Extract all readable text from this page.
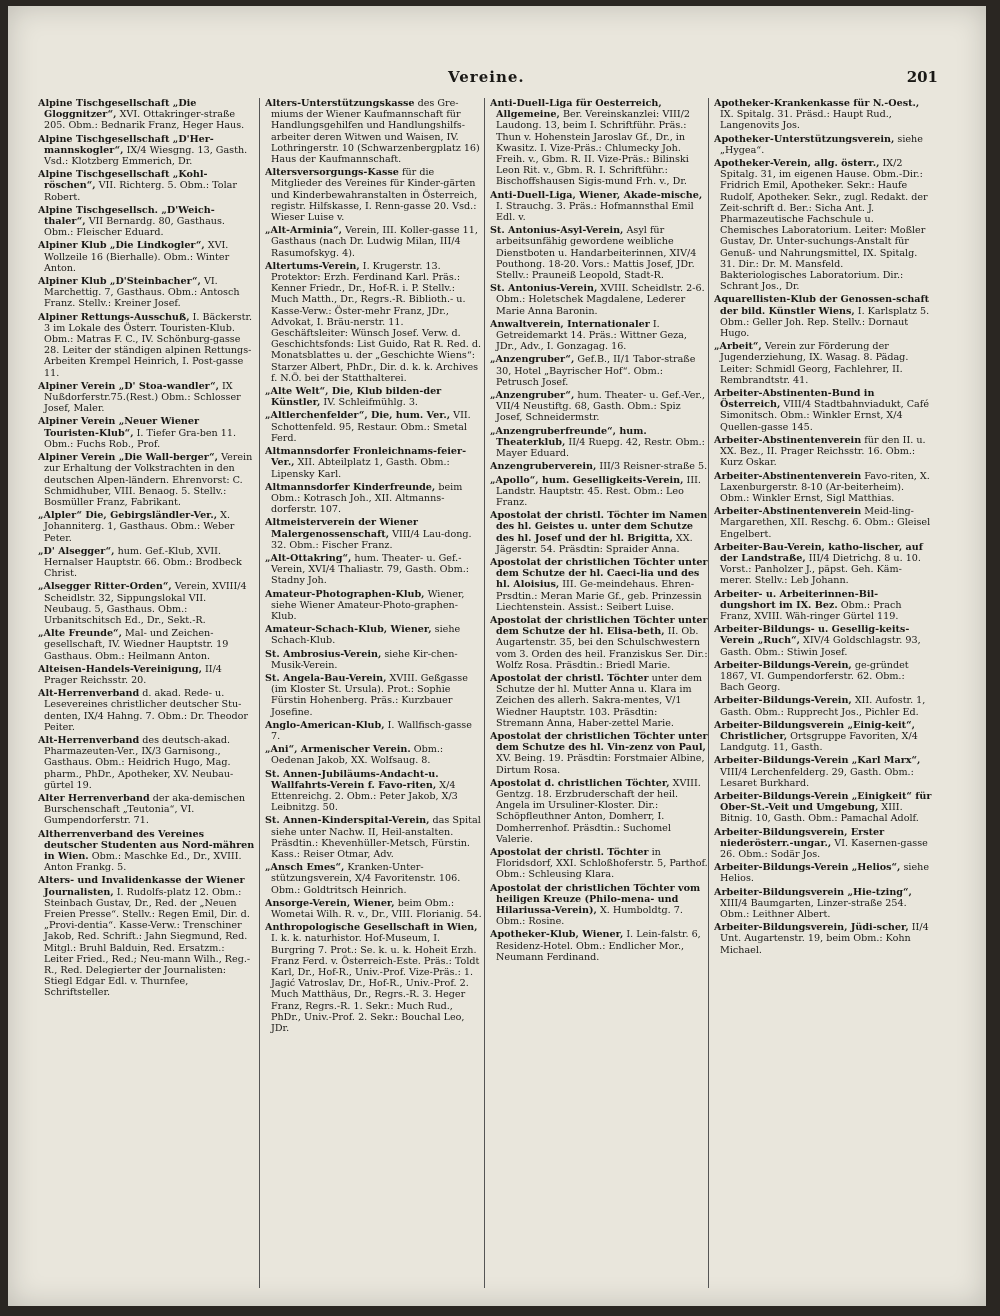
Vereine.	201
Alpine Tischgesellschaft „Die Gloggnitzer“, XVI. Ottakringer-straße 205. Obm.: Bednarik Franz, Heger Haus.
Alpine Tischgesellschaft „D'Her-mannskogler“, IX/4 Wiesgng. 13, Gasth. Vsd.: Klotzberg Emmerich, Dr.
Alpine Tischgesellschaft „Kohl-röschen“, VII. Richterg. 5. Obm.: Tolar Robert.
Alpine Tischgesellsch. „D'Weich-thaler“, VII Bernardg. 80, Gasthaus. Obm.: Fleischer Eduard.
Alpiner Klub „Die Lindkogler“, XVI. Wollzeile 16 (Bierhalle). Obm.: Winter Anton.
Alpiner Klub „D'Steinbacher“, VI. Marchettig. 7, Gasthaus. Obm.: Antosch Franz. Stellv.: Kreiner Josef.
Alpiner Rettungs-Ausschuß, I. Bäckerstr. 3 im Lokale des Österr. Touristen-Klub. Obm.: Matras F. C., IV. Schönburg-gasse 28. Leiter der ständigen alpinen Rettungs-Arbeiten Krempel Heinrich, I. Post-gasse 11.
Alpiner Verein „D' Stoa-wandler“, IX Nußdorferstr.75.(Rest.) Obm.: Schlosser Josef, Maler.
Alpiner Verein „Neuer Wiener Touristen-Klub“, I. Tiefer Gra-ben 11. Obm.: Fuchs Rob., Prof.
Alpiner Verein „Die Wall-berger“, Verein zur Erhaltung der Volkstrachten in den deutschen Alpen-ländern. Ehrenvorst: C. Schmidhuber, VIII. Benaog. 5. Stellv.: Bosmüller Franz, Fabrikant.
„Alpler“ Die, Gebirgsländler-Ver., X. Johanniterg. 1, Gasthaus. Obm.: Weber Peter.
„D' Alsegger“, hum. Gef.-Klub, XVII. Hernalser Hauptstr. 66. Obm.: Brodbeck Christ.
„Alsegger Ritter-Orden“, Verein, XVIII/4 Scheidlstr. 32, Sippungslokal VII. Neubaug. 5, Gasthaus. Obm.: Urbanitschitsch Ed., Dr., Sekt.-R.
„Alte Freunde“, Mal- und Zeichen-gesellschaft, IV. Wiedner Hauptstr. 19 Gasthaus. Obm.: Heilmann Anton.
Alteisen-Handels-Vereinigung, II/4 Prager Reichsstr. 20.
Alt-Herrenverband d. akad. Rede- u. Lesevereines christlicher deutscher Stu-denten, IX/4 Hahng. 7. Obm.: Dr. Theodor Peiter.
Alt-Herrenverband des deutsch-akad. Pharmazeuten-Ver., IX/3 Garnisong., Gasthaus. Obm.: Heidrich Hugo, Mag. pharm., PhDr., Apotheker, XV. Neubau-gürtel 19.
Alter Herrenverband der aka-demischen Burschenschaft „Teutonia“, VI. Gumpendorferstr. 71.
Altherrenverband des Vereines deutscher Studenten aus Nord-mähren in Wien. Obm.: Maschke Ed., Dr., XVIII. Anton Frankg. 5.
Alters- und Invalidenkasse der Wiener Journalisten, I. Rudolfs-platz 12. Obm.: Steinbach Gustav, Dr., Red. der „Neuen Freien Presse“. Stellv.: Regen Emil, Dir. d. „Provi-dentia“. Kasse-Verw.: Trenschiner Jakob, Red. Schrift.: Jahn Siegmund, Red. Mitgl.: Bruhl Balduin, Red. Ersatzm.: Leiter Fried., Red.; Neu-mann Wilh., Reg.-R., Red. Delegierter der Journalisten: Stiegl Edgar Edl. v. Thurnfee, Schriftsteller.
Alters-Unterstützungskasse des Gre-miums der Wiener Kaufmannschaft für Handlungsgehilfen und Handlungshilfs-arbeiter deren Witwen und Waisen, IV. Lothringerstr. 10 (Schwarzenbergplatz 16) Haus der Kaufmannschaft.
Altersversorgungs-Kasse für die Mitglieder des Vereines für Kinder-gärten und Kinderbewahranstalten in Österreich, registr. Hilfskasse, I. Renn-gasse 20. Vsd.: Wieser Luise v.
„Alt-Arminia“, Verein, III. Koller-gasse 11, Gasthaus (nach Dr. Ludwig Milan, III/4 Rasumofskyg. 4).
Altertums-Verein, I. Krugerstr. 13. Protektor: Erzh. Ferdinand Karl. Präs.: Kenner Friedr., Dr., Hof-R. i. P. Stellv.: Much Matth., Dr., Regrs.-R. Biblioth.- u. Kasse-Verw.: Öster-mehr Franz, JDr., Advokat, I. Bräu-nerstr. 11. Geschäftsleiter: Wünsch Josef. Verw. d. Geschichtsfonds: List Guido, Rat R. Red. d. Monatsblattes u. der „Geschichte Wiens“: Starzer Albert, PhDr., Dir. d. k. k. Archives f. N.Ö. bei der Statthalterei.
„Alte Welt“, Die, Klub bilden-der Künstler, IV. Schleifmühlg. 3.
„Altlerchenfelder“, Die, hum. Ver., VII. Schottenfeld. 95, Restaur. Obm.: Smetal Ferd.
Altmannsdorfer Fronleichnams-feier-Ver., XII. Abteilplatz 1, Gasth. Obm.: Lipensky Karl.
Altmannsdorfer Kinderfreunde, beim Obm.: Kotrasch Joh., XII. Altmanns-dorferstr. 107.
Altmeisterverein der Wiener Malergenossenschaft, VIII/4 Lau-dong. 32. Obm.: Fischer Franz.
„Alt-Ottakring“, hum. Theater- u. Gef.-Verein, XVI/4 Thaliastr. 79, Gasth. Obm.: Stadny Joh.
Amateur-Photographen-Klub, Wiener, siehe Wiener Amateur-Photo-graphen-Klub.
Amateur-Schach-Klub, Wiener, siehe Schach-Klub.
St. Ambrosius-Verein, siehe Kir-chen-Musik-Verein.
St. Angela-Bau-Verein, XVIII. Geßgasse (im Kloster St. Ursula). Prot.: Sophie Fürstin Hohenberg. Präs.: Kurzbauer Josefine.
Anglo-American-Klub, I. Wallfisch-gasse 7.
„Ani“, Armenischer Verein. Obm.: Oedenan Jakob, XX. Wolfsaug. 8.
St. Annen-Jubiläums-Andacht-u. Wallfahrts-Verein f. Favo-riten, X/4 Ettenreichg. 2. Obm.: Peter Jakob, X/3 Leibnitzg. 50.
St. Annen-Kinderspital-Verein, das Spital siehe unter Nachw. II, Heil-anstalten. Präsdtin.: Khevenhüller-Metsch, Fürstin. Kass.: Reiser Otmar, Adv.
„Ansch Emes“, Kranken-Unter-stützungsverein, X/4 Favoritenstr. 106. Obm.: Goldtritsch Heinrich.
Ansorge-Verein, Wiener, beim Obm.: Wometai Wilh. R. v., Dr., VIII. Florianig. 54.
Anthropologische Gesellschaft in Wien, I. k. k. naturhistor. Hof-Museum, I. Burgring 7. Prot.: Se. k. u. k. Hoheit Erzh. Franz Ferd. v. Österreich-Este. Präs.: Toldt Karl, Dr., Hof-R., Univ.-Prof. Vize-Präs.: 1. Jagić Vatroslav, Dr., Hof-R., Univ.-Prof. 2. Much Matthäus, Dr., Regrs.-R. 3. Heger Franz, Regrs.-R. 1. Sekr.: Much Rud., PhDr., Univ.-Prof. 2. Sekr.: Bouchal Leo, JDr.
Anti-Duell-Liga für Oesterreich, Allgemeine, Ber. Vereinskanzlei: VIII/2 Laudong. 13, beim I. Schriftführ. Präs.: Thun v. Hohenstein Jaroslav Gf., Dr., in Kwasitz. I. Vize-Präs.: Chlumecky Joh. Freih. v., Gbm. R. II. Vize-Präs.: Bilinski Leon Rit. v., Gbm. R. I. Schriftführ.: Bischoffshausen Sigis-mund Frh. v., Dr.
Anti-Duell-Liga, Wiener, Akade-mische, I. Strauchg. 3. Präs.: Hofmannsthal Emil Edl. v.
St. Antonius-Asyl-Verein, Asyl für arbeitsunfähig gewordene weibliche Dienstboten u. Handarbeiterinnen, XIV/4 Pouthong. 18-20. Vors.: Mattis Josef, JDr. Stellv.: Prauneiß Leopold, Stadt-R.
St. Antonius-Verein, XVIII. Scheidlstr. 2-6. Obm.: Holetschek Magdalene, Lederer Marie Anna Baronin.
Anwaltverein, Internationaler I. Getreidemarkt 14. Präs.: Wittner Geza, JDr., Adv., I. Gonzagag. 16.
„Anzengruber“, Gef.B., II/1 Tabor-straße 30, Hotel „Bayrischer Hof“. Obm.: Petrusch Josef.
„Anzengruber“, hum. Theater- u. Gef.-Ver., VII/4 Neustiftg. 68, Gasth. Obm.: Spiz Josef, Schneidermstr.
„Anzengruberfreunde“, hum. Theaterklub, II/4 Ruepg. 42, Restr. Obm.: Mayer Eduard.
Anzengruberverein, III/3 Reisner-straße 5.
„Apollo“, hum. Geselligkeits-Verein, III. Landstr. Hauptstr. 45. Rest. Obm.: Leo Franz.
Apostolat der christl. Töchter im Namen des hl. Geistes u. unter dem Schutze des hl. Josef und der hl. Brigitta, XX. Jägerstr. 54. Präsdtin: Spraider Anna.
Apostolat der christlichen Töchter unter dem Schutze der hl. Caeci-lia und des hl. Aloisius, III. Ge-meindehaus. Ehren-Prsdtin.: Meran Marie Gf., geb. Prinzessin Liechtenstein. Assist.: Seibert Luise.
Apostolat der christlichen Töchter unter dem Schutze der hl. Elisa-beth, II. Ob. Augartenstr. 35, bei den Schulschwestern vom 3. Orden des heil. Franziskus Ser. Dir.: Wolfz Rosa. Präsdtin.: Briedl Marie.
Apostolat der christl. Töchter unter dem Schutze der hl. Mutter Anna u. Klara im Zeichen des allerh. Sakra-mentes, V/1 Wiedner Hauptstr. 103. Präsdtin: Stremann Anna, Haber-zettel Marie.
Apostolat der christlichen Töchter unter dem Schutze des hl. Vin-zenz von Paul, XV. Being. 19. Präsdtin: Forstmaier Albine, Dirtum Rosa.
Apostolat d. christlichen Töchter, XVIII. Gentzg. 18. Erzbruderschaft der heil. Angela im Ursuliner-Kloster. Dir.: Schöpfleuthner Anton, Domherr, I. Domherrenhof. Präsdtin.: Suchomel Valerie.
Apostolat der christl. Töchter in Floridsdorf, XXI. Schloßhoferstr. 5, Parthof. Obm.: Schleusing Klara.
Apostolat der christlichen Töchter vom heiligen Kreuze (Philo-mena- und Hilariussa-Verein), X. Humboldtg. 7. Obm.: Rosine.
Apotheker-Klub, Wiener, I. Lein-falstr. 6, Residenz-Hotel. Obm.: Endlicher Mor., Neumann Ferdinand.
Apotheker-Krankenkasse für N.-Oest., IX. Spitalg. 31. Präsd.: Haupt Rud., Langenovits Jos.
Apotheker-Unterstützungsverein, siehe „Hygea“.
Apotheker-Verein, allg. österr., IX/2 Spitalg. 31, im eigenen Hause. Obm.-Dir.: Fridrich Emil, Apotheker. Sekr.: Haufe Rudolf, Apotheker. Sekr., zugl. Redakt. der Zeit-schrift d. Ber.: Sicha Ant. J. Pharmazeutische Fachschule u. Chemisches Laboratorium. Leiter: Moßler Gustav, Dr. Unter-suchungs-Anstalt für Genuß- und Nahrungsmittel, IX. Spitalg. 31. Dir.: Dr. M. Mansfeld. Bakteriologisches Laboratorium. Dir.: Schrant Jos., Dr.
Aquarellisten-Klub der Genossen-schaft der bild. Künstler Wiens, I. Karlsplatz 5. Obm.: Geller Joh. Rep. Stellv.: Dornaut Hugo.
„Arbeit“, Verein zur Förderung der Jugenderziehung, IX. Wasag. 8. Pädag. Leiter: Schmidl Georg, Fachlehrer, II. Rembrandtstr. 41.
Arbeiter-Abstinenten-Bund in Österreich, VIII/4 Stadtbahnviadukt, Café Simonitsch. Obm.: Winkler Ernst, X/4 Quellen-gasse 145.
Arbeiter-Abstinentenverein für den II. u. XX. Bez., II. Prager Reichsstr. 16. Obm.: Kurz Oskar.
Arbeiter-Abstinentenverein Favo-riten, X. Laxenburgerstr. 8-10 (Ar-beiterheim). Obm.: Winkler Ernst, Sigl Matthias.
Arbeiter-Abstinentenverein Meid-ling-Margarethen, XII. Reschg. 6. Obm.: Gleisel Engelbert.
Arbeiter-Bau-Verein, katho-lischer, auf der Landstraße, III/4 Dietrichg. 8 u. 10. Vorst.: Panholzer J., päpst. Geh. Käm-merer. Stellv.: Leb Johann.
Arbeiter- u. Arbeiterinnen-Bil-dungshort im IX. Bez. Obm.: Prach Franz, XVIII. Wäh-ringer Gürtel 119.
Arbeiter-Bildungs- u. Gesellig-keits-Verein „Ruch“, XIV/4 Goldschlagstr. 93, Gasth. Obm.: Stiwin Josef.
Arbeiter-Bildungs-Verein, ge-gründet 1867, VI. Gumpendorferstr. 62. Obm.: Bach Georg.
Arbeiter-Bildungs-Verein, XII. Aufostr. 1, Gasth. Obm.: Rupprecht Jos., Pichler Ed.
Arbeiter-Bildungsverein „Einig-keit“, Christlicher, Ortsgruppe Favoriten, X/4 Landgutg. 11, Gasth.
Arbeiter-Bildungs-Verein „Karl Marx“, VIII/4 Lerchenfelderg. 29, Gasth. Obm.: Lesaret Burkhard.
Arbeiter-Bildungs-Verein „Einigkeit“ für Ober-St.-Veit und Umgebung, XIII. Bitnig. 10, Gasth. Obm.: Pamachal Adolf.
Arbeiter-Bildungsverein, Erster niederösterr.-ungar., VI. Kasernen-gasse 26. Obm.: Sodär Jos.
Arbeiter-Bildungs-Verein „Helios“, siehe Helios.
Arbeiter-Bildungsverein „Hie-tzing“, XIII/4 Baumgarten, Linzer-straße 254. Obm.: Leithner Albert.
Arbeiter-Bildungsverein, Jüdi-scher, II/4 Unt. Augartenstr. 19, beim Obm.: Kohn Michael.
